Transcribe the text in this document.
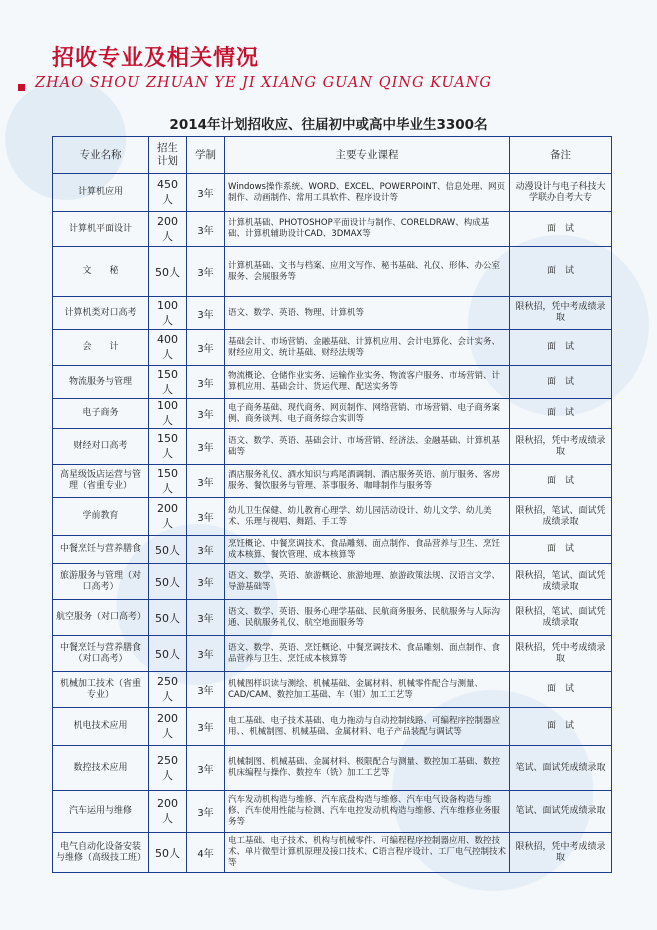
招收专业及相关情况
ZHAO SHOU ZHUAN YE JI XIANG GUAN QING KUANG
2014年计划招收应、往届初中或高中毕业生3300名
专业名称	招生计划	学制	主要专业课程	备注
计算机应用	450人	3年	Windows操作系统、WORD、EXCEL、POWERPOINT、信息处理、网页制作、动画制作、常用工具软件、程序设计等	动漫设计与电子科技大学联办自考大专
计算机平面设计	200人	3年	计算机基础、PHOTOSHOP平面设计与制作、CORELDRAW、构成基础、计算机辅助设计CAD、3DMAX等	面　试
文　　秘	50人	3年	计算机基础、文书与档案、应用文写作、秘书基础、礼仪、形体、办公室服务、会展服务等	面　试
计算机类对口高考	100人	3年	语文、数学、英语、物理、计算机等	限秋招，凭中考成绩录取
会　　计	400人	3年	基础会计、市场营销、金融基础、计算机应用、会计电算化、会计实务、财经应用文、统计基础、财经法规等	面　试
物流服务与管理	150人	3年	物流概论、仓储作业实务、运输作业实务、物流客户服务、市场营销、计算机应用、基础会计、货运代理、配送实务等	面　试
电子商务	100人	3年	电子商务基础、现代商务、网页制作、网络营销、市场营销、电子商务案例、商务谈判、电子商务综合实训等	面　试
财经对口高考	150人	3年	语文、数学、英语、基础会计、市场营销、经济法、金融基础、计算机基础等	限秋招，凭中考成绩录取
高星级饭店运营与管理（省重专业）	150人	3年	酒店服务礼仪、酒水知识与鸡尾酒调制、酒店服务英语、前厅服务、客房服务、餐饮服务与管理、茶事服务、咖啡制作与服务等	面　试
学前教育	200人	3年	幼儿卫生保健、幼儿教育心理学、幼儿园活动设计、幼儿文学、幼儿美术、乐理与视唱、舞蹈、手工等	限秋招，笔试、面试凭成绩录取
中餐烹饪与营养膳食	50人	3年	烹饪概论、中餐烹调技术、食品雕刻、面点制作、食品营养与卫生、烹饪成本核算、餐饮管理、成本核算等	面　试
旅游服务与管理（对口高考）	50人	3年	语文、数学、英语、旅游概论、旅游地理、旅游政策法规、汉语言文学、导游基础等	限秋招，笔试、面试凭成绩录取
航空服务（对口高考）	50人	3年	语文、数学、英语、服务心理学基础、民航商务服务、民航服务与人际沟通、民航服务礼仪、航空地面服务等	限秋招，笔试、面试凭成绩录取
中餐烹饪与营养膳食（对口高考）	50人	3年	语文、数学、英语、烹饪概论、中餐烹调技术、食品雕刻、面点制作、食品营养与卫生、烹饪成本核算等	限秋招，凭中考成绩录取
机械加工技术（省重专业）	250人	3年	机械图样识读与测绘、机械基础、金属材料、机械零件配合与测量、CAD/CAM、数控加工基础、车（钳）加工工艺等	面　试
机电技术应用	200人	3年	电工基础、电子技术基础、电力拖动与自动控制线路、可编程序控制器应用、、机械制图、机械基础、金属材料、电子产品装配与调试等	面　试
数控技术应用	250人	3年	机械制图、机械基础、金属材料、极限配合与测量、数控加工基础、数控机床编程与操作、数控车（铣）加工工艺等	笔试、面试凭成绩录取
汽车运用与维修	200人	3年	汽车发动机构造与维修、汽车底盘构造与维修、汽车电气设备构造与维修、汽车使用性能与检测、汽车电控发动机构造与维修、汽车维修业务服务等	笔试、面试凭成绩录取
电气自动化设备安装与维修（高级技工班）	50人	4年	电工基础、电子技术、机构与机械零件、可编程程序控制器应用、数控技术、单片微型计算机原理及接口技术、C语言程序设计、工厂电气控制技术等	限秋招，凭中考成绩录取
